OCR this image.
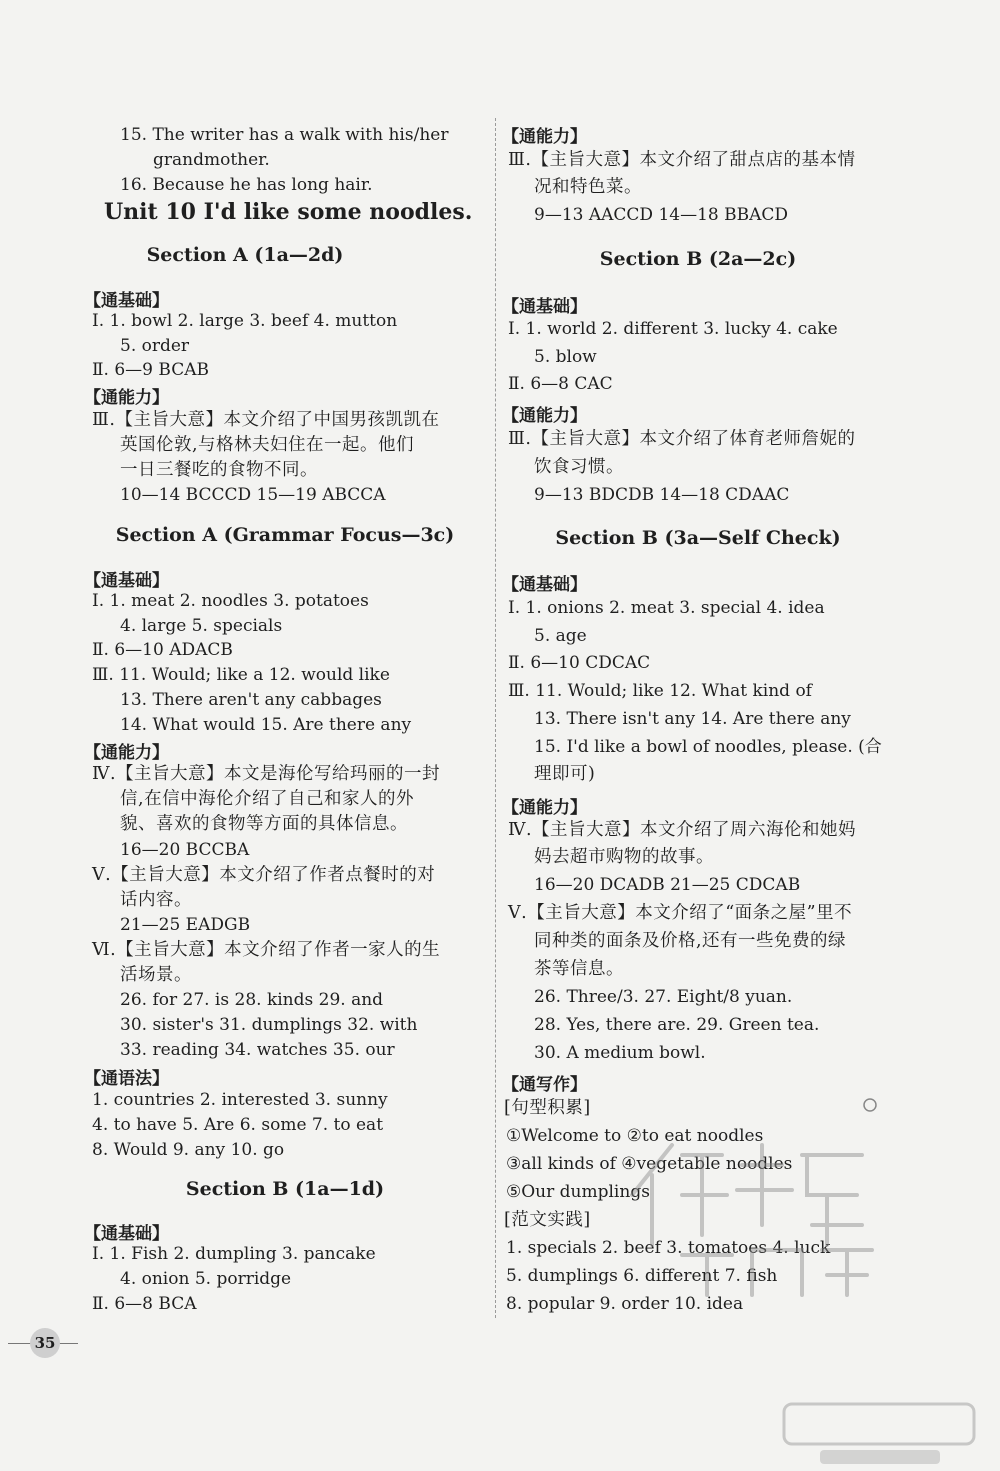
15. The writer has a walk with his/her
grandmother.
16. Because he has long hair.
Unit 10 I'd like some noodles.
Section A (1a—2d)
【通基础】
Ⅰ. 1. bowl 2. large 3. beef 4. mutton
5. order
Ⅱ. 6—9 BCAB
【通能力】
Ⅲ.【主旨大意】本文介绍了中国男孩凯凯在
英国伦敦,与格林夫妇住在一起。他们
一日三餐吃的食物不同。
10—14 BCCCD 15—19 ABCCA
Section A (Grammar Focus—3c)
【通基础】
Ⅰ. 1. meat 2. noodles 3. potatoes
4. large 5. specials
Ⅱ. 6—10 ADACB
Ⅲ. 11. Would; like a 12. would like
13. There aren't any cabbages
14. What would 15. Are there any
【通能力】
Ⅳ.【主旨大意】本文是海伦写给玛丽的一封
信,在信中海伦介绍了自己和家人的外
貌、喜欢的食物等方面的具体信息。
16—20 BCCBA
Ⅴ.【主旨大意】本文介绍了作者点餐时的对
话内容。
21—25 EADGB
Ⅵ.【主旨大意】本文介绍了作者一家人的生
活场景。
26. for 27. is 28. kinds 29. and
30. sister's 31. dumplings 32. with
33. reading 34. watches 35. our
【通语法】
1. countries 2. interested 3. sunny
4. to have 5. Are 6. some 7. to eat
8. Would 9. any 10. go
Section B (1a—1d)
【通基础】
Ⅰ. 1. Fish 2. dumpling 3. pancake
4. onion 5. porridge
Ⅱ. 6—8 BCA
35
【通能力】
Ⅲ.【主旨大意】本文介绍了甜点店的基本情
况和特色菜。
9—13 AACCD 14—18 BBACD
Section B (2a—2c)
【通基础】
Ⅰ. 1. world 2. different 3. lucky 4. cake
5. blow
Ⅱ. 6—8 CAC
【通能力】
Ⅲ.【主旨大意】本文介绍了体育老师詹妮的
饮食习惯。
9—13 BDCDB 14—18 CDAAC
Section B (3a—Self Check)
【通基础】
Ⅰ. 1. onions 2. meat 3. special 4. idea
5. age
Ⅱ. 6—10 CDCAC
Ⅲ. 11. Would; like 12. What kind of
13. There isn't any 14. Are there any
15. I'd like a bowl of noodles, please. (合
理即可)
【通能力】
Ⅳ.【主旨大意】本文介绍了周六海伦和她妈
妈去超市购物的故事。
16—20 DCADB 21—25 CDCAB
Ⅴ.【主旨大意】本文介绍了“面条之屋”里不
同种类的面条及价格,还有一些免费的绿
茶等信息。
26. Three/3. 27. Eight/8 yuan.
28. Yes, there are. 29. Green tea.
30. A medium bowl.
【通写作】
[句型积累]
①Welcome to ②to eat noodles
③all kinds of ④vegetable noodles
⑤Our dumplings
[范文实践]
1. specials 2. beef 3. tomatoes 4. luck
5. dumplings 6. different 7. fish
8. popular 9. order 10. idea
